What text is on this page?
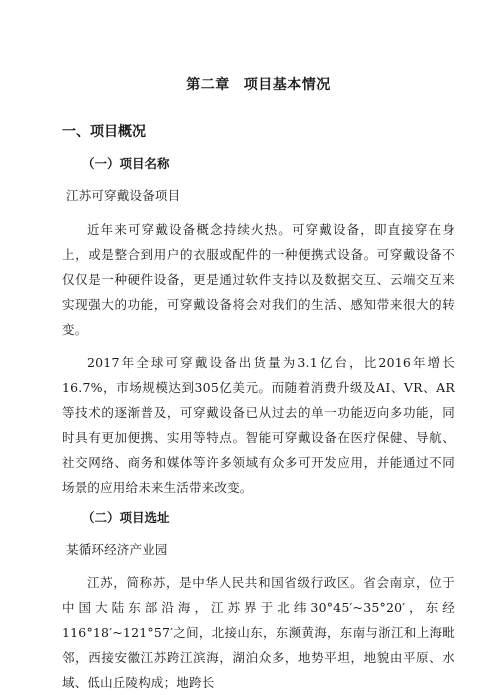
第二章 项目基本情况
一、项目概况
（一）项目名称

江苏可穿戴设备项目

近年来可穿戴设备概念持续火热。可穿戴设备，即直接穿在身上，或是整合到用户的衣服或配件的一种便携式设备。可穿戴设备不仅仅是一种硬件设备，更是通过软件支持以及数据交互、云端交互来实现强大的功能，可穿戴设备将会对我们的生活、感知带来很大的转变。

2017年全球可穿戴设备出货量为3.1亿台，比2016年增长16.7%，市场规模达到305亿美元。而随着消费升级及AI、VR、AR等技术的逐渐普及，可穿戴设备已从过去的单一功能迈向多功能，同时具有更加便携、实用等特点。智能可穿戴设备在医疗保健、导航、社交网络、商务和媒体等许多领域有众多可开发应用，并能通过不同场景的应用给未来生活带来改变。

（二）项目选址

某循环经济产业园

江苏，简称苏，是中华人民共和国省级行政区。省会南京，位于中国大陆东部沿海，江苏界于北纬30°45′~35°20′，东经116°18′~121°57′之间，北接山东，东濒黄海，东南与浙江和上海毗邻，西接安徽江苏跨江滨海，湖泊众多，地势平坦，地貌由平原、水域、低山丘陵构成；地跨长
